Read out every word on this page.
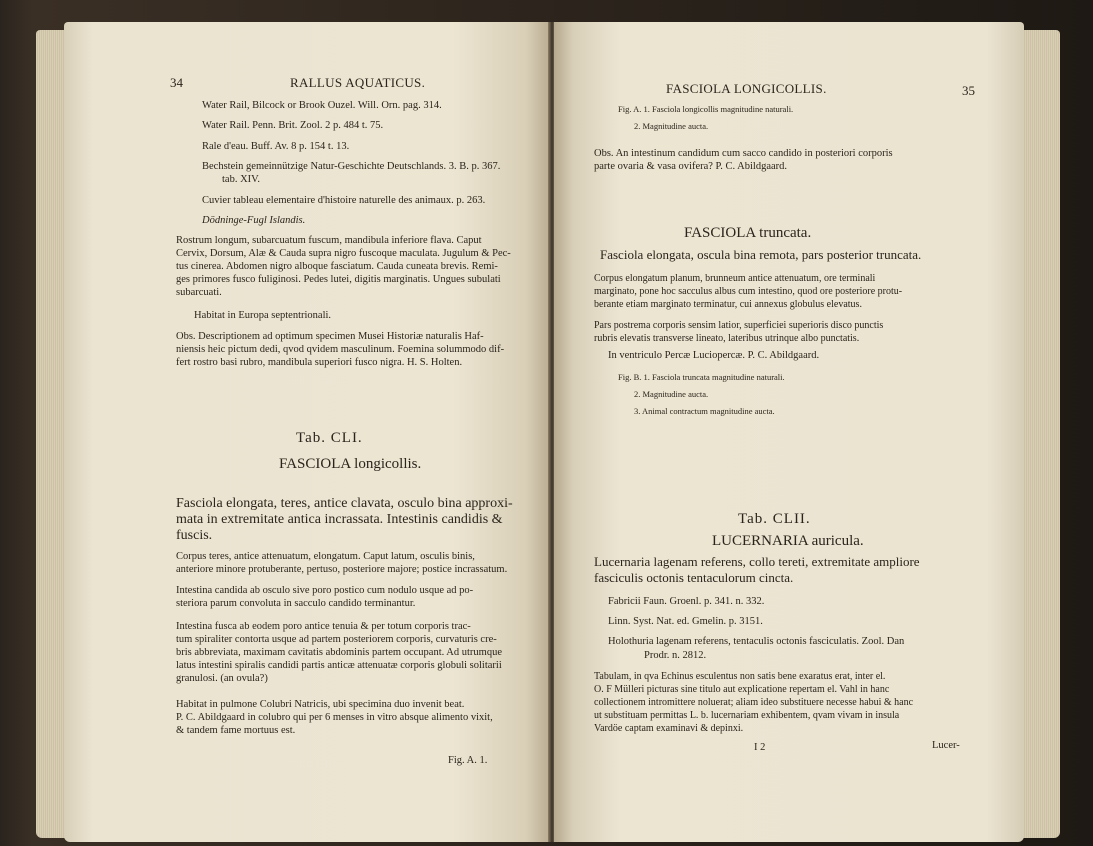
34	RALLUS AQUATICUS.
Water Rail, Bilcock or Brook Ouzel. Will. Orn. pag. 314.
Water Rail. Penn. Brit. Zool. 2 p. 484 t. 75.
Rale d'eau. Buff. Av. 8 p. 154 t. 13.
Bechstein gemeinnützige Natur-Geschichte Deutschlands. 3. B. p. 367.
tab. XIV.
Cuvier tableau elementaire d'histoire naturelle des animaux. p. 263.
Dödninge-Fugl Islandis.
Rostrum longum, subarcuatum fuscum, mandibula inferiore flava. Caput
Cervix, Dorsum, Alæ & Cauda supra nigro fuscoque maculata. Jugulum & Pec-
tus cinerea. Abdomen nigro alboque fasciatum. Cauda cuneata brevis. Remi-
ges primores fusco fuliginosi. Pedes lutei, digitis marginatis. Ungues subulati
subarcuati.
Habitat in Europa septentrionali.
Obs. Descriptionem ad optimum specimen Musei Historiæ naturalis Haf-
niensis heic pictum dedi, qvod qvidem masculinum. Foemina solummodo dif-
fert rostro basi rubro, mandibula superiori fusco nigra. H. S. Holten.
Tab. CLI.
FASCIOLA longicollis.
Fasciola elongata, teres, antice clavata, osculo bina approxi-
mata in extremitate antica incrassata. Intestinis candidis & fuscis.
Corpus teres, antice attenuatum, elongatum. Caput latum, osculis binis,
anteriore minore protuberante, pertuso, posteriore majore; postice incrassatum.
Intestina candida ab osculo sive poro postico cum nodulo usque ad po-
steriora parum convoluta in sacculo candido terminantur.
Intestina fusca ab eodem poro antice tenuia & per totum corporis trac-
tum spiraliter contorta usque ad partem posteriorem corporis, curvaturis cre-
bris abbreviata, maximam cavitatis abdominis partem occupant. Ad utrumque
latus intestini spiralis candidi partis anticæ attenuatæ corporis globuli solitarii
granulosi. (an ovula?)
Habitat in pulmone Colubri Natricis, ubi specimina duo invenit beat.
P. C. Abildgaard in colubro qui per 6 menses in vitro absque alimento vixit,
& tandem fame mortuus est.
Fig. A. 1.
FASCIOLA LONGICOLLIS.	35
Fig. A. 1. Fasciola longicollis magnitudine naturali.
2. Magnitudine aucta.
Obs. An intestinum candidum cum sacco candido in posteriori corporis
parte ovaria & vasa ovifera? P. C. Abildgaard.
FASCIOLA truncata.
Fasciola elongata, oscula bina remota, pars posterior truncata.
Corpus elongatum planum, brunneum antice attenuatum, ore terminali
marginato, pone hoc sacculus albus cum intestino, quod ore posteriore protu-
berante etiam marginato terminatur, cui annexus globulus elevatus.
Pars postrema corporis sensim latior, superficiei superioris disco punctis
rubris elevatis transverse lineato, lateribus utrinque albo punctatis.
In ventriculo Percæ Luciopercæ. P. C. Abildgaard.
Fig. B. 1. Fasciola truncata magnitudine naturali.
2. Magnitudine aucta.
3. Animal contractum magnitudine aucta.
Tab. CLII.
LUCERNARIA auricula.
Lucernaria lagenam referens, collo tereti, extremitate ampliore
fasciculis octonis tentaculorum cincta.
Fabricii Faun. Groenl. p. 341. n. 332.
Linn. Syst. Nat. ed. Gmelin. p. 3151.
Holothuria lagenam referens, tentaculis octonis fasciculatis. Zool. Dan
Prodr. n. 2812.
Tabulam, in qva Echinus esculentus non satis bene exaratus erat, inter el.
O. F Mülleri picturas sine titulo aut explicatione repertam el. Vahl in hanc
collectionem intromittere noluerat; aliam ideo substituere necesse habui & hanc
ut substituam permittas L. b. lucernariam exhibentem, qvam vivam in insula
Vardöe captam examinavi & depinxi.
I 2	Lucer-
